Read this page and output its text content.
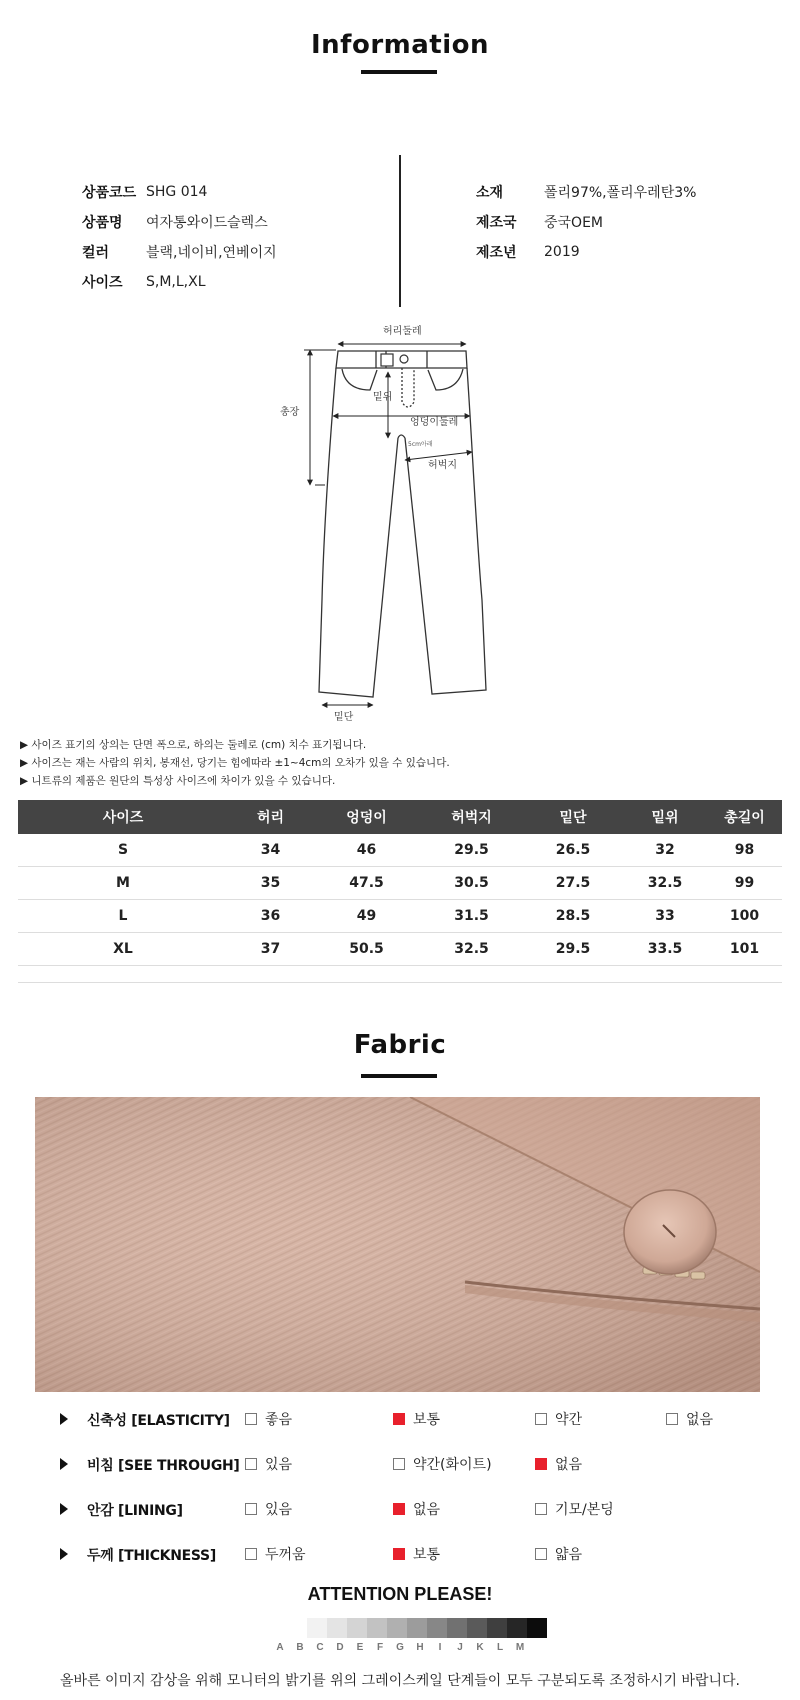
Information
상품코드 SHG 014
상품명	여자통와이드슬렉스
컬러	블랙,네이비,연베이지
사이즈	S,M,L,XL
소재	폴리97%,폴리우레탄3%
제조국	중국OEM
제조년	2019
허리둘레
밑위
엉덩이둘레
5cm아래
허벅지
총장
밑단
▶ 사이즈 표기의 상의는 단면 폭으로, 하의는 둘레로 (cm) 치수 표기됩니다.
▶ 사이즈는 재는 사람의 위치, 봉재선, 당기는 힘에따라 ±1~4cm의 오차가 있을 수 있습니다.
▶ 니트류의 제품은 원단의 특성상 사이즈에 차이가 있을 수 있습니다.
사이즈	허리	엉덩이	허벅지	밑단	밑위	총길이
S	34	46	29.5	26.5	32	98
M	35	47.5	30.5	27.5	32.5	99
L	36	49	31.5	28.5	33	100
XL	37	50.5	32.5	29.5	33.5	101
Fabric
신축성 [ELASTICITY]	좋음	보통	약간	없음
비침 [SEE THROUGH] 있음	약간(화이트)	없음
안감 [LINING]	있음	없음	기모/본딩
두께 [THICKNESS]	두꺼움	보통	얇음
ATTENTION PLEASE!
A	B	C	D	E	F	G	H	I	J	K	L	M
올바른 이미지 감상을 위해 모니터의 밝기를 위의 그레이스케일 단계들이 모두 구분되도록 조정하시기 바랍니다.
